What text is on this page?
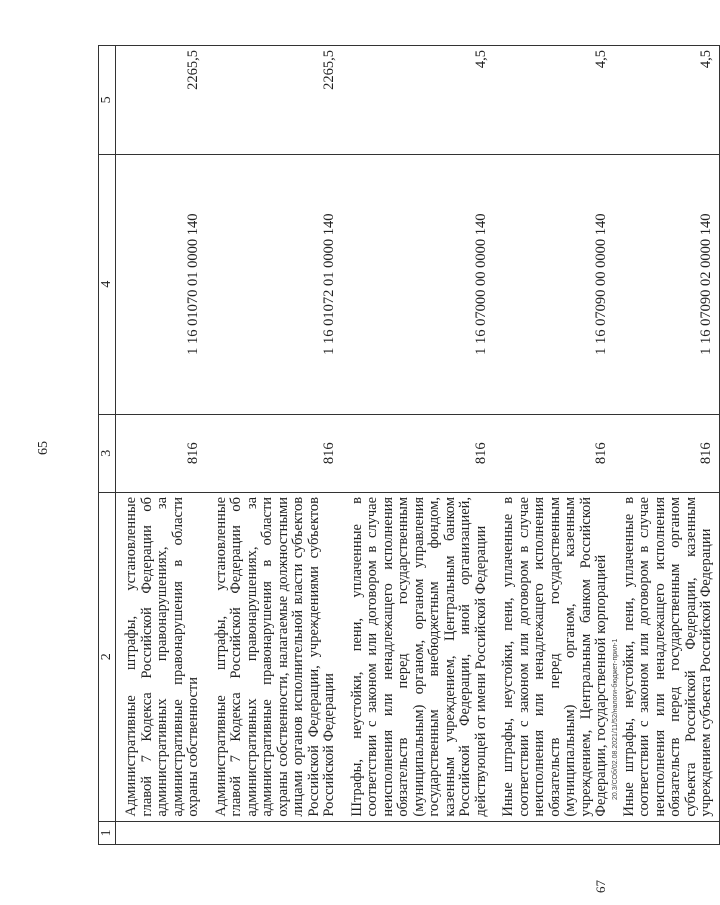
65
1	2	3	4	5
	Административные штрафы, установленные главой 7 Кодекса Российской Федерации об административных правонарушениях, за административные правонарушения в области охраны собственности	816	1 16 01070 01 0000 140	2265,5
	Административные штрафы, установленные главой 7 Кодекса Российской Федерации об административных правонарушениях, за административные правонарушения в области охраны собственности, налагаемые должностными лицами органов исполнительной власти субъектов Российской Федерации, учреждениями субъектов Российской Федерации	816	1 16 01072 01 0000 140	2265,5
	Штрафы, неустойки, пени, уплаченные в соответствии с законом или договором в случае неисполнения или ненадлежащего исполнения обязательств перед государственным (муниципальным) органом, органом управления государственным внебюджетным фондом, казенным учреждением, Центральным банком Российской Федерации, иной организацией, действующей от имени Российской Федерации	816	1 16 07000 00 0000 140	4,5
	Иные штрафы, неустойки, пени, уплаченные в соответствии с законом или договором в случае неисполнения или ненадлежащего исполнения обязательств перед государственным (муниципальным) органом, казенным учреждением, Центральным банком Российской Федерации, государственной корпорацией	816	1 16 07090 00 0000 140	4,5
	Иные штрафы, неустойки, пени, уплаченные в соответствии с законом или договором в случае неисполнения или ненадлежащего исполнения обязательств перед государственным органом субъекта Российской Федерации, казенным учреждением субъекта Российской Федерации	816	1 16 07090 02 0000 140	4,5
20.3/СОб/02.08.2021/11/52/налоги-бюджет-прил-1
67
